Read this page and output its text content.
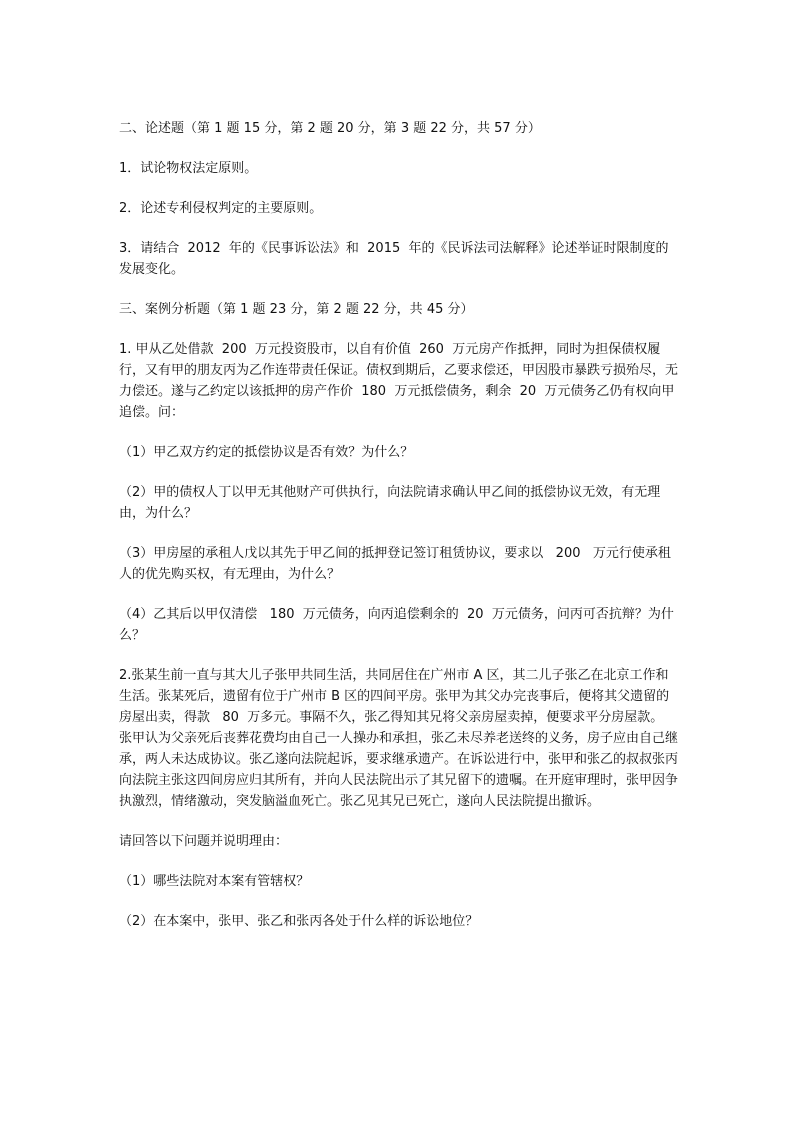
二、论述题（第 1 题 15 分，第 2 题 20 分，第 3 题 22 分，共 57 分）

1．试论物权法定原则。

2．论述专利侵权判定的主要原则。

3．请结合  2012  年的《民事诉讼法》和  2015  年的《民诉法司法解释》论述举证时限制度的发展变化。

三、案例分析题（第 1 题 23 分，第 2 题 22 分，共 45 分）

1. 甲从乙处借款  200  万元投资股市，以自有价值  260  万元房产作抵押，同时为担保债权履行，又有甲的朋友丙为乙作连带责任保证。债权到期后，乙要求偿还，甲因股市暴跌亏损殆尽，无力偿还。遂与乙约定以该抵押的房产作价  180  万元抵偿债务，剩余  20  万元债务乙仍有权向甲追偿。问：

（1）甲乙双方约定的抵偿协议是否有效？为什么？

（2）甲的债权人丁以甲无其他财产可供执行，向法院请求确认甲乙间的抵偿协议无效，有无理由，为什么？

（3）甲房屋的承租人戊以其先于甲乙间的抵押登记签订租赁协议，要求以   200   万元行使承租人的优先购买权，有无理由，为什么？

（4）乙其后以甲仅清偿   180  万元债务，向丙追偿剩余的  20  万元债务，问丙可否抗辩？为什么？

2.张某生前一直与其大儿子张甲共同生活，共同居住在广州市 A 区，其二儿子张乙在北京工作和生活。张某死后，遗留有位于广州市 B 区的四间平房。张甲为其父办完丧事后，便将其父遗留的房屋出卖，得款   80  万多元。事隔不久，张乙得知其兄将父亲房屋卖掉，便要求平分房屋款。

张甲认为父亲死后丧葬花费均由自己一人操办和承担，张乙未尽养老送终的义务，房子应由自己继承，两人未达成协议。张乙遂向法院起诉，要求继承遗产。在诉讼进行中，张甲和张乙的叔叔张丙向法院主张这四间房应归其所有，并向人民法院出示了其兄留下的遗嘱。在开庭审理时，张甲因争执激烈，情绪激动，突发脑溢血死亡。张乙见其兄已死亡，遂向人民法院提出撤诉。

请回答以下问题并说明理由：

（1）哪些法院对本案有管辖权？

（2）在本案中，张甲、张乙和张丙各处于什么样的诉讼地位？
